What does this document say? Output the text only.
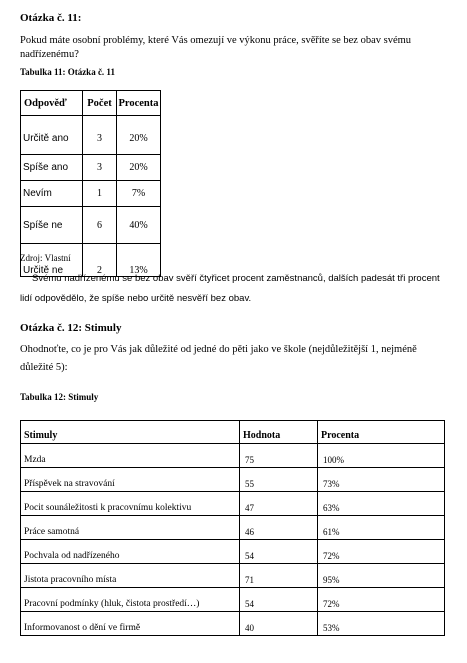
Otázka č. 11:
Pokud máte osobní problémy, které Vás omezují ve výkonu práce, svěříte se bez obav svému
nadřízenému?
Tabulka 11: Otázka č. 11
Odpověď	Počet	Procenta
Určitě ano	3	20%
Spíše ano	3	20%
Nevím	1	7%
Spíše ne	6	40%
Určitě ne	2	13%
Zdroj: Vlastní
Svému nadřízenému se bez obav svěří čtyřicet procent zaměstnanců, dalších padesát tři procent
lidí odpovědělo, že spíše nebo určitě nesvěří bez obav.
Otázka č. 12: Stimuly
Ohodnoťte, co je pro Vás jak důležité od jedné do pěti jako ve škole (nejdůležitější 1, nejméně
důležité 5):
Tabulka 12: Stimuly
Stimuly	Hodnota	Procenta
Mzda	75	100%
Příspěvek na stravování	55	73%
Pocit sounáležitosti k pracovnímu kolektivu	47	63%
Práce samotná	46	61%
Pochvala od nadřízeného	54	72%
Jistota pracovního místa	71	95%
Pracovní podmínky (hluk, čistota prostředí…)	54	72%
Informovanost o dění ve firmě	40	53%
